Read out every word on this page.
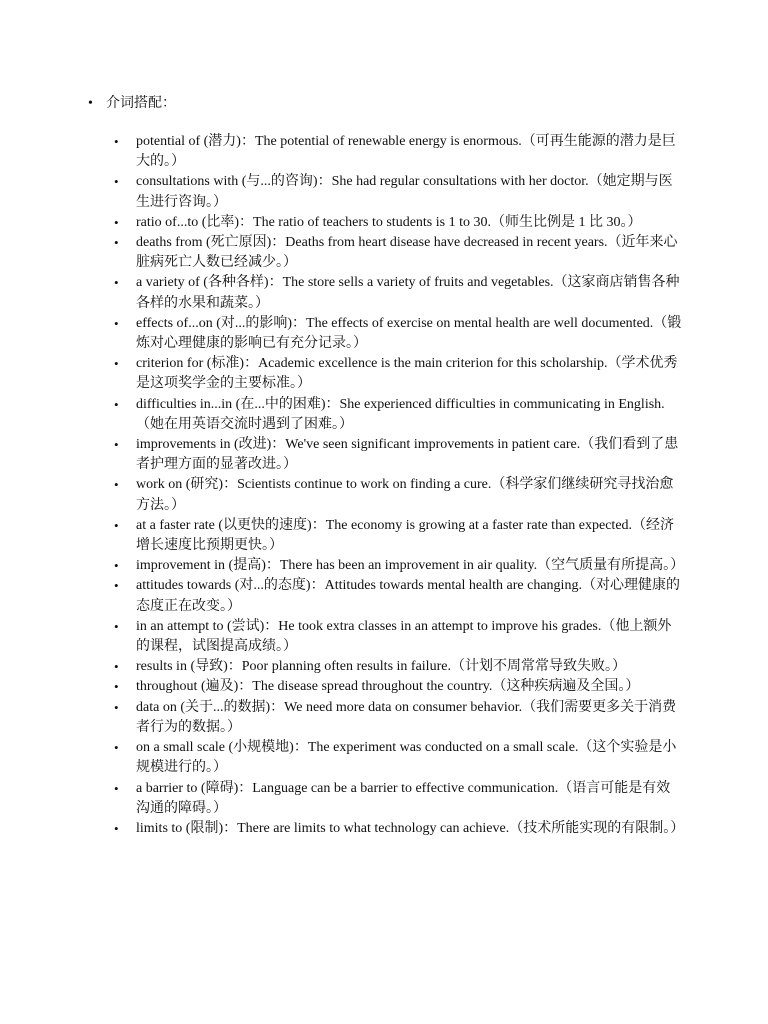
• 介词搭配：

• potential of (潜力)：The potential of renewable energy is enormous.（可再生能源的潜力是巨大的。）
• consultations with (与...的咨询)：She had regular consultations with her doctor.（她定期与医生进行咨询。）
• ratio of...to (比率)：The ratio of teachers to students is 1 to 30.（师生比例是 1 比 30。）
• deaths from (死亡原因)：Deaths from heart disease have decreased in recent years.（近年来心脏病死亡人数已经减少。）
• a variety of (各种各样)：The store sells a variety of fruits and vegetables.（这家商店销售各种各样的水果和蔬菜。）
• effects of...on (对...的影响)：The effects of exercise on mental health are well documented.（锻炼对心理健康的影响已有充分记录。）
• criterion for (标准)：Academic excellence is the main criterion for this scholarship.（学术优秀是这项奖学金的主要标准。）
• difficulties in...in (在...中的困难)：She experienced difficulties in communicating in English.（她在用英语交流时遇到了困难。）
• improvements in (改进)：We've seen significant improvements in patient care.（我们看到了患者护理方面的显著改进。）
• work on (研究)：Scientists continue to work on finding a cure.（科学家们继续研究寻找治愈方法。）
• at a faster rate (以更快的速度)：The economy is growing at a faster rate than expected.（经济增长速度比预期更快。）
• improvement in (提高)：There has been an improvement in air quality.（空气质量有所提高。）
• attitudes towards (对...的态度)：Attitudes towards mental health are changing.（对心理健康的态度正在改变。）
• in an attempt to (尝试)：He took extra classes in an attempt to improve his grades.（他上额外的课程，试图提高成绩。）
• results in (导致)：Poor planning often results in failure.（计划不周常常导致失败。）
• throughout (遍及)：The disease spread throughout the country.（这种疾病遍及全国。）
• data on (关于...的数据)：We need more data on consumer behavior.（我们需要更多关于消费者行为的数据。）
• on a small scale (小规模地)：The experiment was conducted on a small scale.（这个实验是小规模进行的。）
• a barrier to (障碍)：Language can be a barrier to effective communication.（语言可能是有效沟通的障碍。）
• limits to (限制)：There are limits to what technology can achieve.（技术所能实现的有限制。）
